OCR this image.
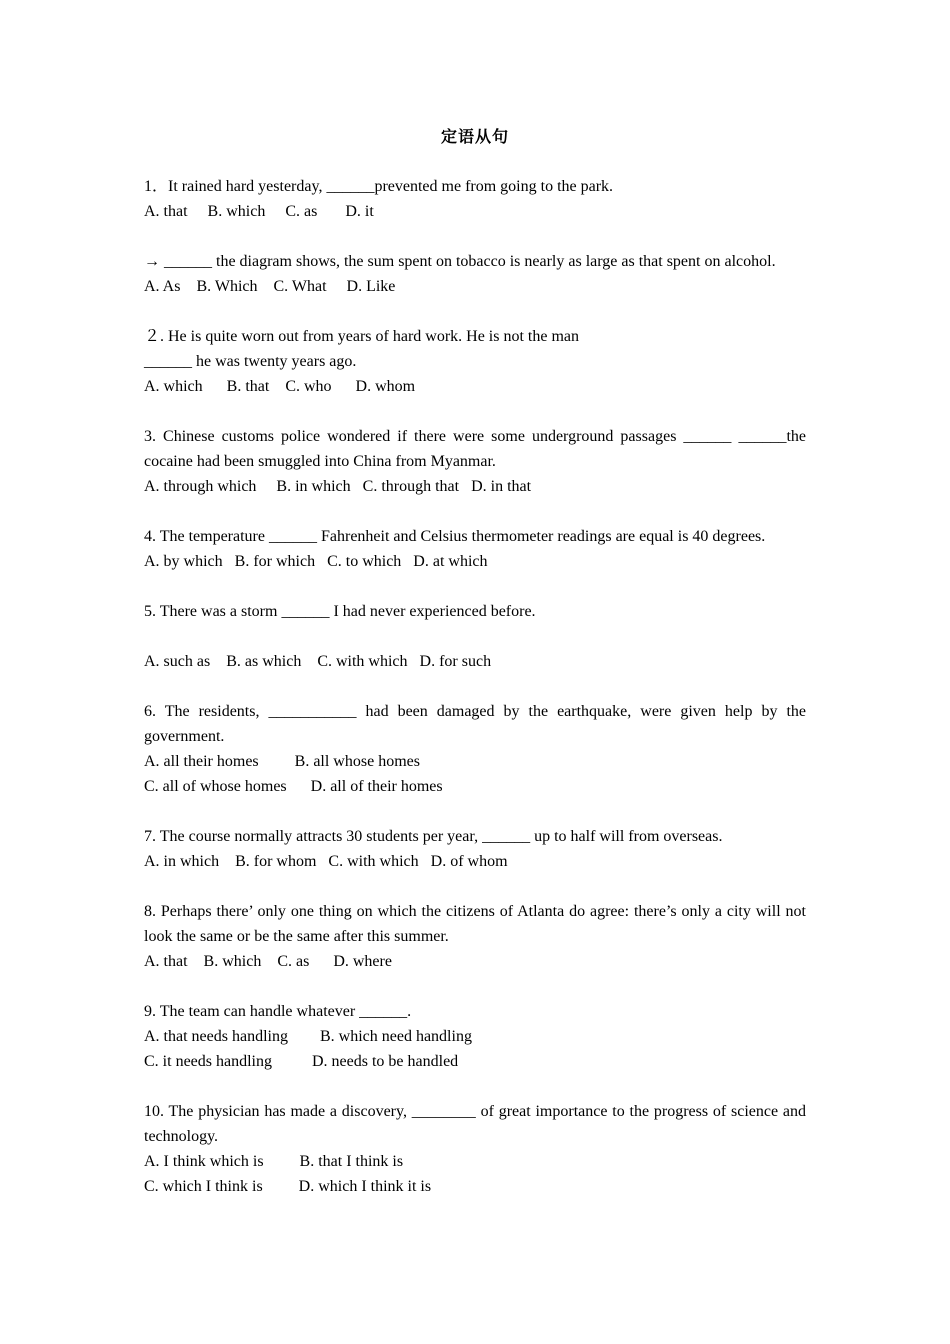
定语从句

1．It rained hard yesterday, ______prevented me from going to the park.

A. that     B. which     C. as       D. it

→ ______ the diagram shows, the sum spent on tobacco is nearly as large as that spent on alcohol.

A. As    B. Which    C. What     D. Like

２. He is quite worn out from years of hard work. He is not the man

______ he was twenty years ago.

A. which      B. that    C. who      D. whom

3. Chinese customs police wondered if there were some underground passages ______ ______the cocaine had been smuggled into China from Myanmar.

A. through which     B. in which   C. through that   D. in that

4. The temperature ______ Fahrenheit and Celsius thermometer readings are equal is 40 degrees.

A. by which   B. for which   C. to which   D. at which

5. There was a storm ______ I had never experienced before.

A. such as    B. as which    C. with which   D. for such

6. The residents, ___________ had been damaged by the earthquake, were given help by the government.

A. all their homes         B. all whose homes

C. all of whose homes      D. all of their homes

7. The course normally attracts 30 students per year, ______ up to half will from overseas.

A. in which    B. for whom   C. with which   D. of whom

8. Perhaps there’ only one thing on which the citizens of Atlanta do agree: there’s only a city will not look the same or be the same after this summer.

A. that    B. which    C. as      D. where

9. The team can handle whatever ______.

A. that needs handling        B. which need handling

C. it needs handling          D. needs to be handled

10. The physician has made a discovery, ________ of great importance to the progress of science and technology.

A. I think which is         B. that I think is

C. which I think is         D. which I think it is
